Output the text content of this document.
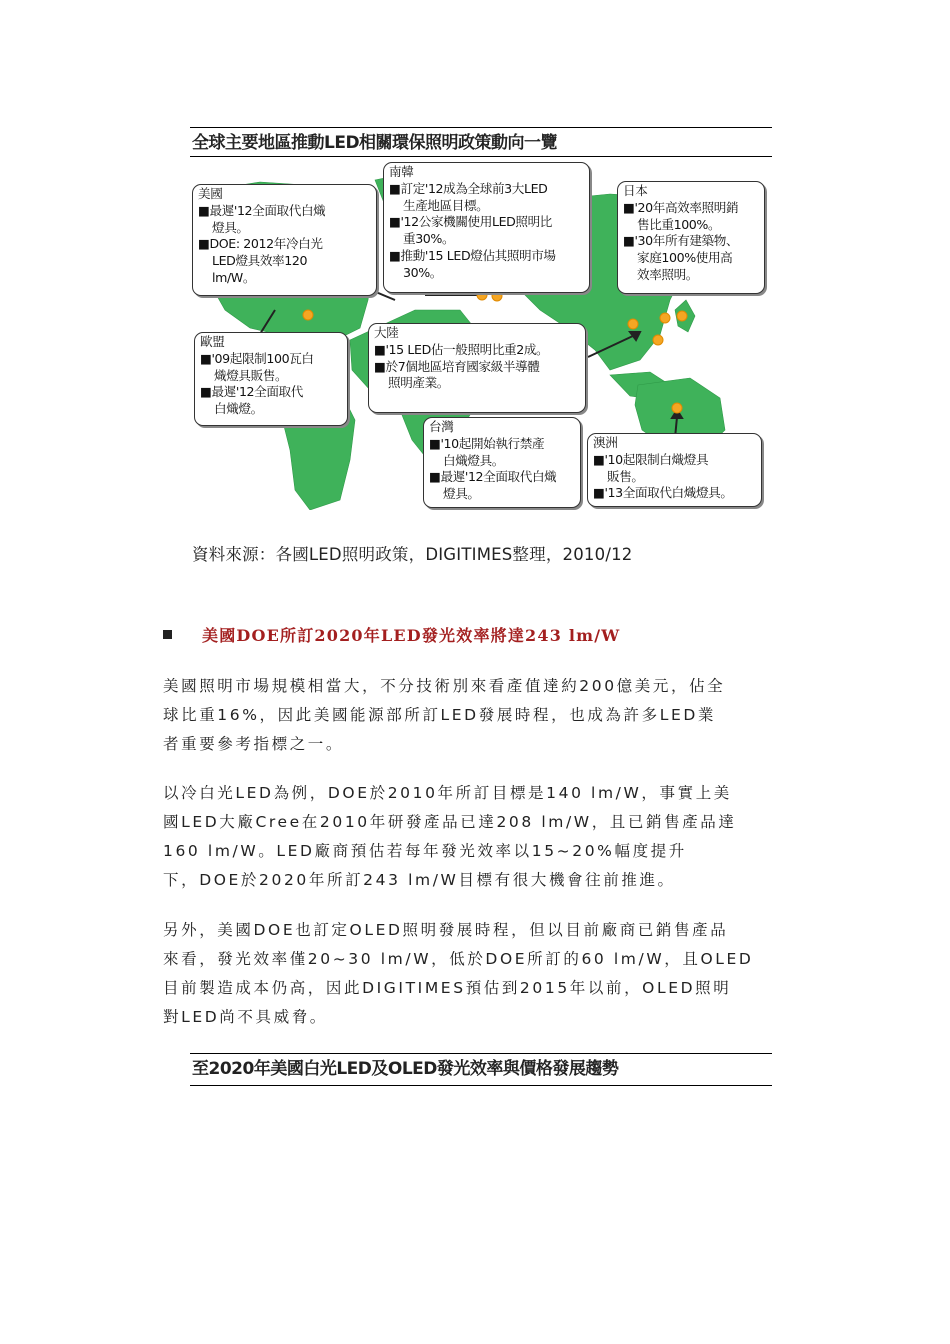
全球主要地區推動LED相關環保照明政策動向一覽
美國
■最遲'12全面取代白熾
燈具。
■DOE: 2012年冷白光
LED燈具效率120
lm/W。
南韓
■訂定'12成為全球前3大LED
生產地區目標。
■'12公家機關使用LED照明比
重30%。
■推動'15 LED燈佔其照明市場
30%。
日本
■'20年高效率照明銷
售比重100%。
■'30年所有建築物、
家庭100%使用高
效率照明。
歐盟
■'09起限制100瓦白
熾燈具販售。
■最遲'12全面取代
白熾燈。
大陸
■'15 LED佔一般照明比重2成。
■於7個地區培育國家級半導體
照明產業。
台灣
■'10起開始執行禁產
白熾燈具。
■最遲'12全面取代白熾
燈具。
澳洲
■'10起限制白熾燈具
販售。
■'13全面取代白熾燈具。
資料來源：各國LED照明政策，DIGITIMES整理，2010/12
美國DOE所訂2020年LED發光效率將達243 lm/W
美國照明市場規模相當大，不分技術別來看產值達約200億美元，佔全
球比重16%，因此美國能源部所訂LED發展時程，也成為許多LED業
者重要參考指標之一。
以冷白光LED為例，DOE於2010年所訂目標是140 lm/W，事實上美
國LED大廠Cree在2010年研發產品已達208 lm/W，且已銷售產品達
160 lm/W。LED廠商預估若每年發光效率以15~20%幅度提升
下，DOE於2020年所訂243 lm/W目標有很大機會往前推進。
另外，美國DOE也訂定OLED照明發展時程，但以目前廠商已銷售產品
來看，發光效率僅20~30 lm/W，低於DOE所訂的60 lm/W，且OLED
目前製造成本仍高，因此DIGITIMES預估到2015年以前，OLED照明
對LED尚不具威脅。
至2020年美國白光LED及OLED發光效率與價格發展趨勢
